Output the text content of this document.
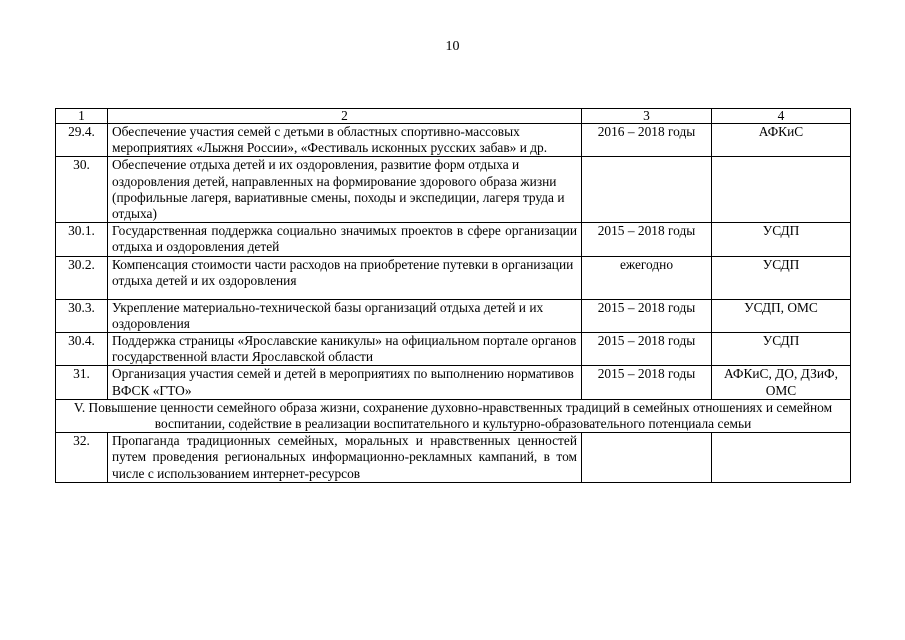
10
1	2	3	4
29.4.	Обеспечение участия семей с детьми в областных спортивно-массовых мероприятиях «Лыжня России», «Фестиваль исконных русских забав» и др.	2016 – 2018 годы	АФКиС
30.	Обеспечение отдыха детей и их оздоровления, развитие форм отдыха и оздоровления детей, направленных на формирование здорового образа жизни (профильные лагеря, вариативные смены, походы и экспедиции, лагеря труда и отдыха)		
30.1.	Государственная поддержка социально значимых проектов в сфере организации отдыха и оздоровления детей	2015 – 2018 годы	УСДП
30.2.	Компенсация стоимости части расходов на приобретение путевки в организации отдыха детей и их оздоровления	ежегодно	УСДП
30.3.	Укрепление материально-технической базы организаций отдыха детей и их оздоровления	2015 – 2018 годы	УСДП, ОМС
30.4.	Поддержка страницы «Ярославские каникулы» на официальном портале органов государственной власти Ярославской области	2015 – 2018 годы	УСДП
31.	Организация участия семей и детей в мероприятиях по выполнению нормативов ВФСК «ГТО»	2015 – 2018 годы	АФКиС, ДО, ДЗиФ, ОМС
V. Повышение ценности семейного образа жизни, сохранение духовно-нравственных традиций в семейных отношениях и семейном воспитании, содействие в реализации воспитательного и культурно-образовательного потенциала семьи			
32.	Пропаганда традиционных семейных, моральных и нравственных ценностей путем проведения региональных информационно-рекламных кампаний, в том числе с использованием интернет-ресурсов		
